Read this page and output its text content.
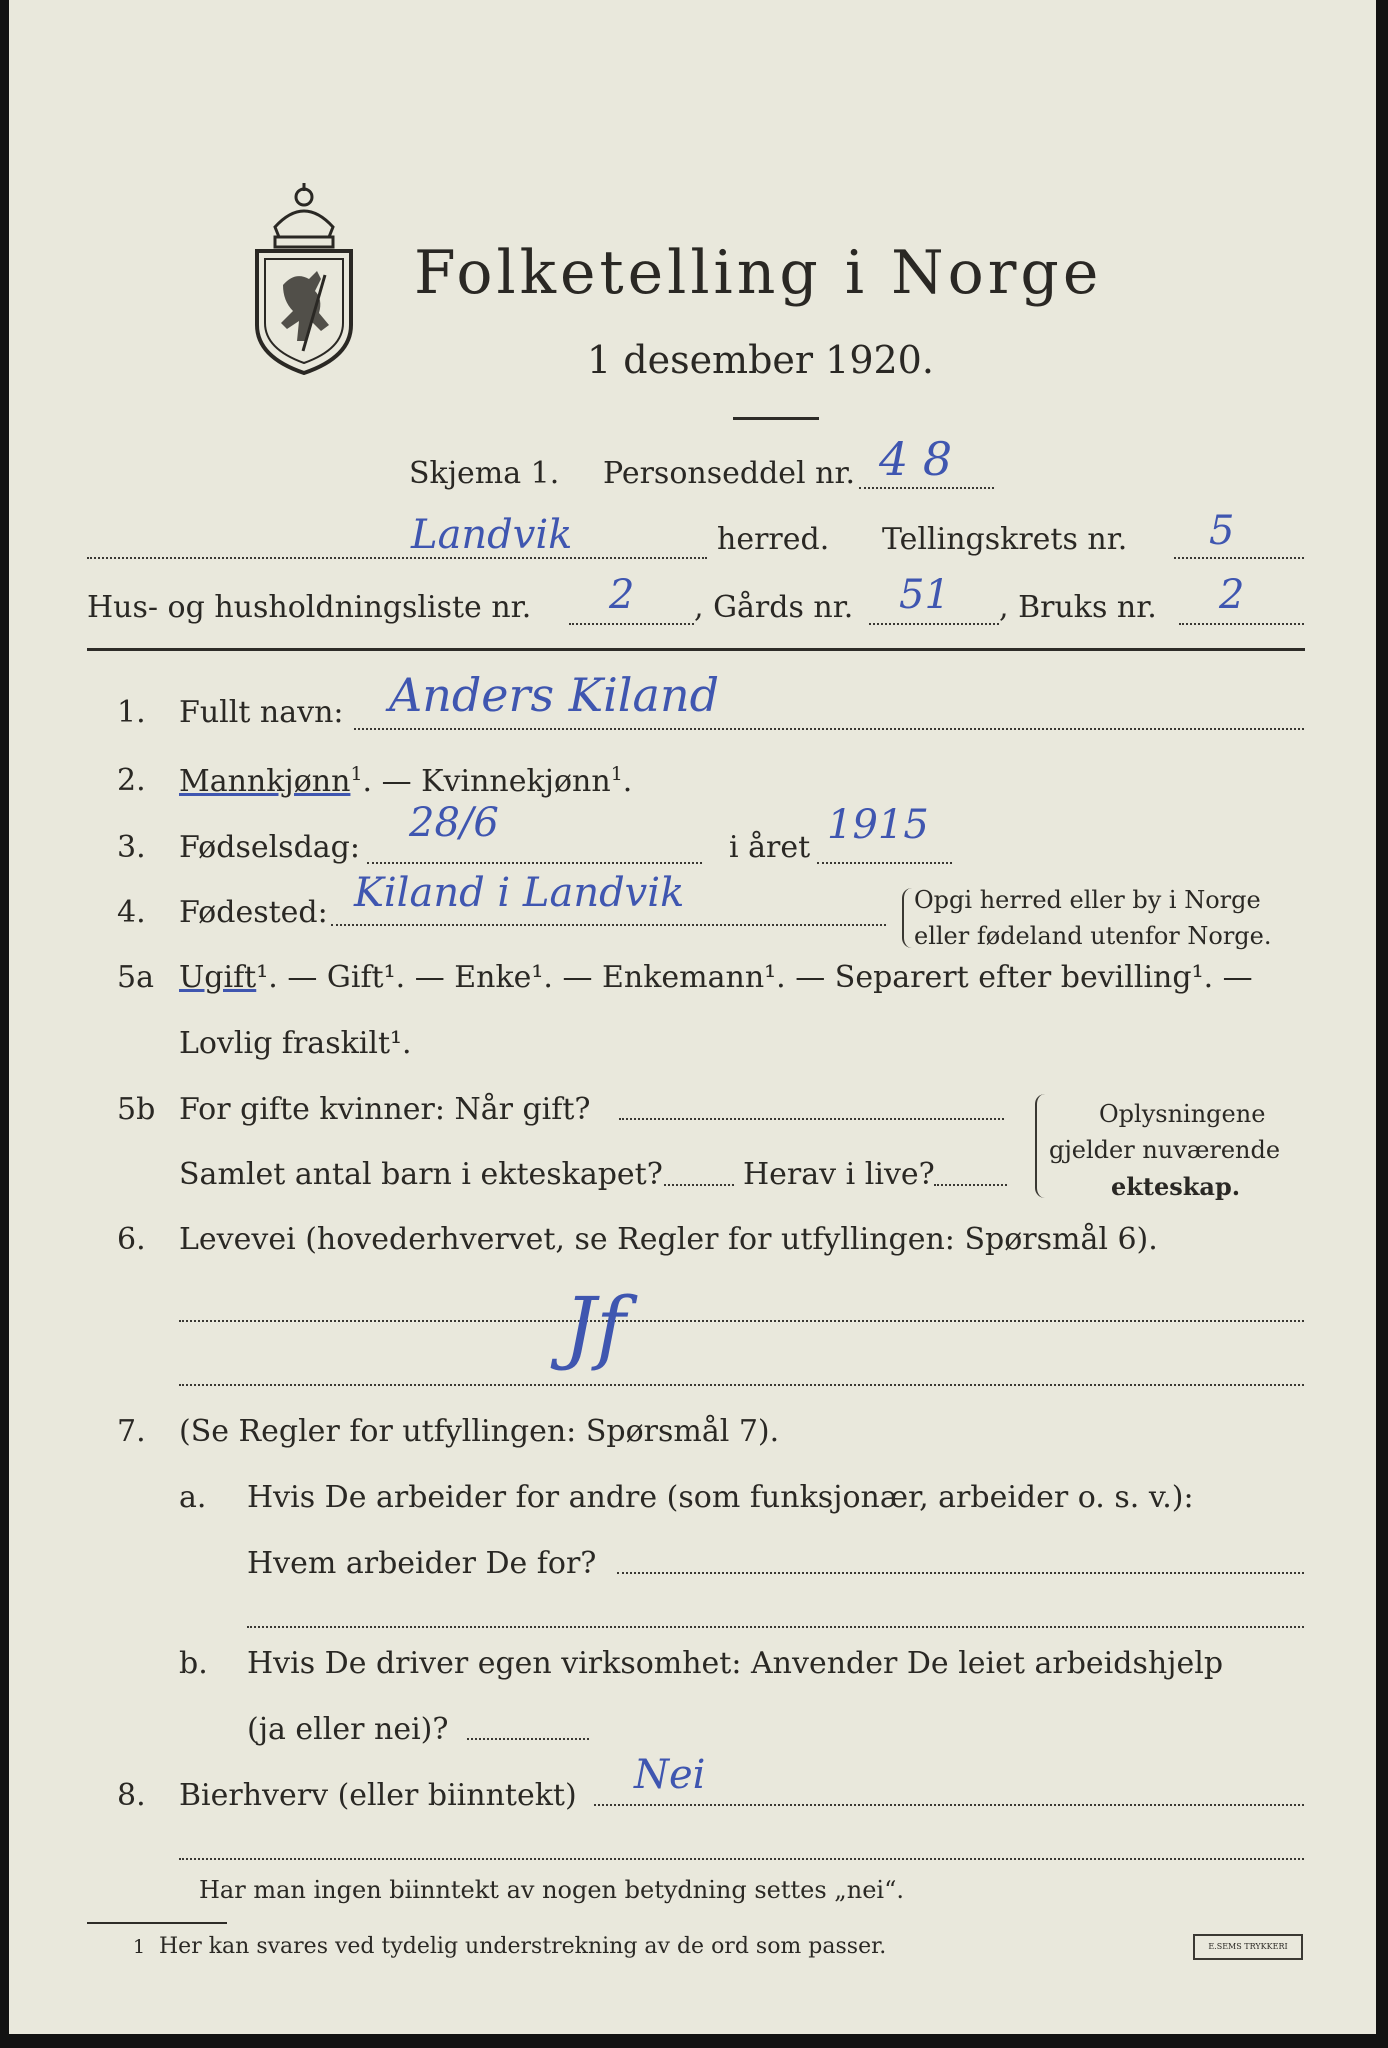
Folketelling i Norge
1 desember 1920.
Skjema 1. Personseddel nr. 4 8
Landvik	herred. Tellingskrets nr. 5
Hus- og husholdningsliste nr. 2 , Gårds nr. 51 , Bruks nr. 2
1. Fullt navn: Anders Kiland
2. Mannkjønn$^1$. — Kvinnekjønn$^1$.
3. Fødselsdag:
28/6
i året 1915
4. Fødested: Kiland i Landvik	Opgi herred eller by i Norge
eller fødeland utenfor Norge.
5a Ugift¹. — Gift¹. — Enke¹. — Enkemann¹. — Separert efter bevilling¹. —
Lovlig fraskilt¹.
5b For gifte kvinner: Når gift?
Samlet antal barn i ekteskapet?	Herav i live?
Oplysningene
gjelder nuværende
ekteskap.
6. Levevei (hovederhvervet, se Regler for utfyllingen: Spørsmål 6).
Jf
7. (Se Regler for utfyllingen: Spørsmål 7).
a. Hvis De arbeider for andre (som funksjonær, arbeider o. s. v.):
Hvem arbeider De for?
b. Hvis De driver egen virksomhet: Anvender De leiet arbeidshjelp
(ja eller nei)?
8. Bierhverv (eller biinntekt) Nei
Har man ingen biinntekt av nogen betydning settes „nei“.
1 Her kan svares ved tydelig understrekning av de ord som passer.	E.SEMS TRYKKERI
